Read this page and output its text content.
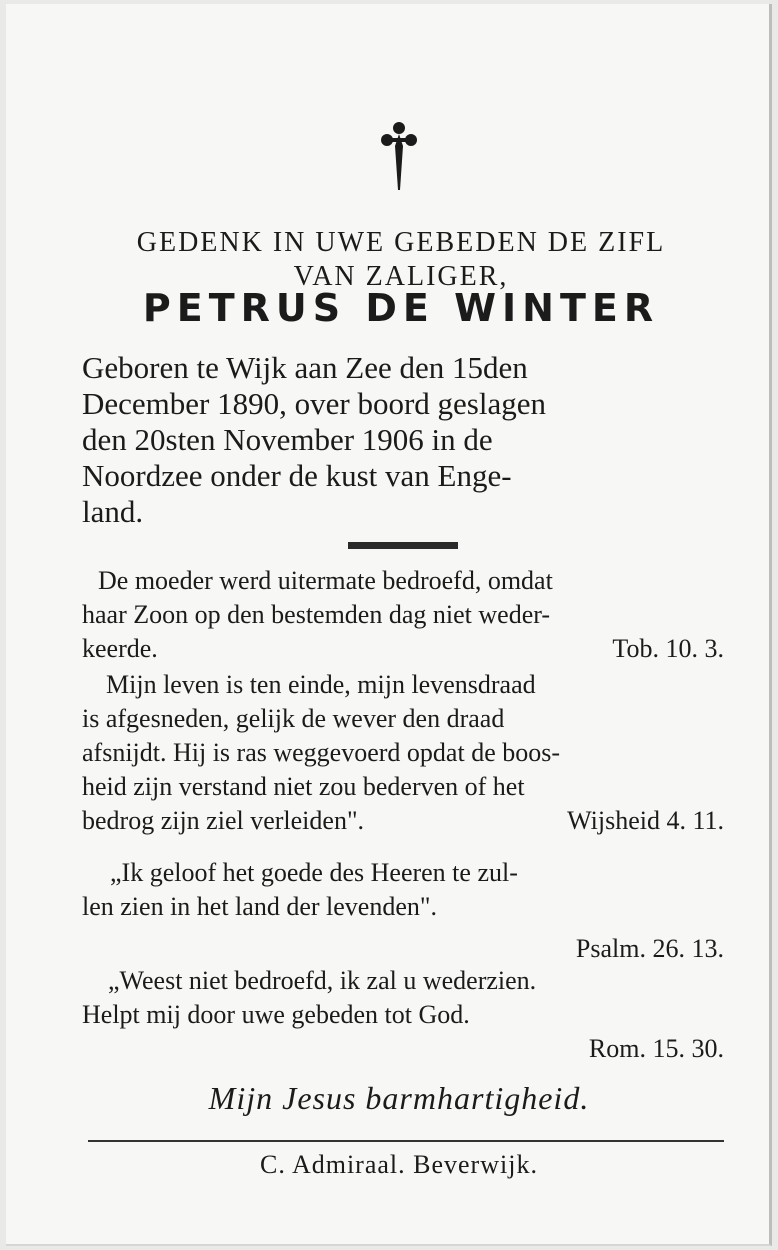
GEDENK IN UWE GEBEDEN DE ZIFL
VAN ZALIGER,
PETRUS DE WINTER
Geboren te Wijk aan Zee den 15den
December 1890, over boord geslagen
den 20sten November 1906 in de
Noordzee onder de kust van Enge-
land.
De moeder werd uitermate bedroefd, omdat
haar Zoon op den bestemden dag niet weder-
keerde.	Tob. 10. 3.
Mijn leven is ten einde, mijn levensdraad
is afgesneden, gelijk de wever den draad
afsnijdt. Hij is ras weggevoerd opdat de boos-
heid zijn verstand niet zou bederven of het
bedrog zijn ziel verleiden".	Wijsheid 4. 11.
„Ik geloof het goede des Heeren te zul-
len zien in het land der levenden".
Psalm. 26. 13.
„Weest niet bedroefd, ik zal u wederzien.
Helpt mij door uwe gebeden tot God.
Rom. 15. 30.
Mijn Jesus barmhartigheid.
C. Admiraal. Beverwijk.
